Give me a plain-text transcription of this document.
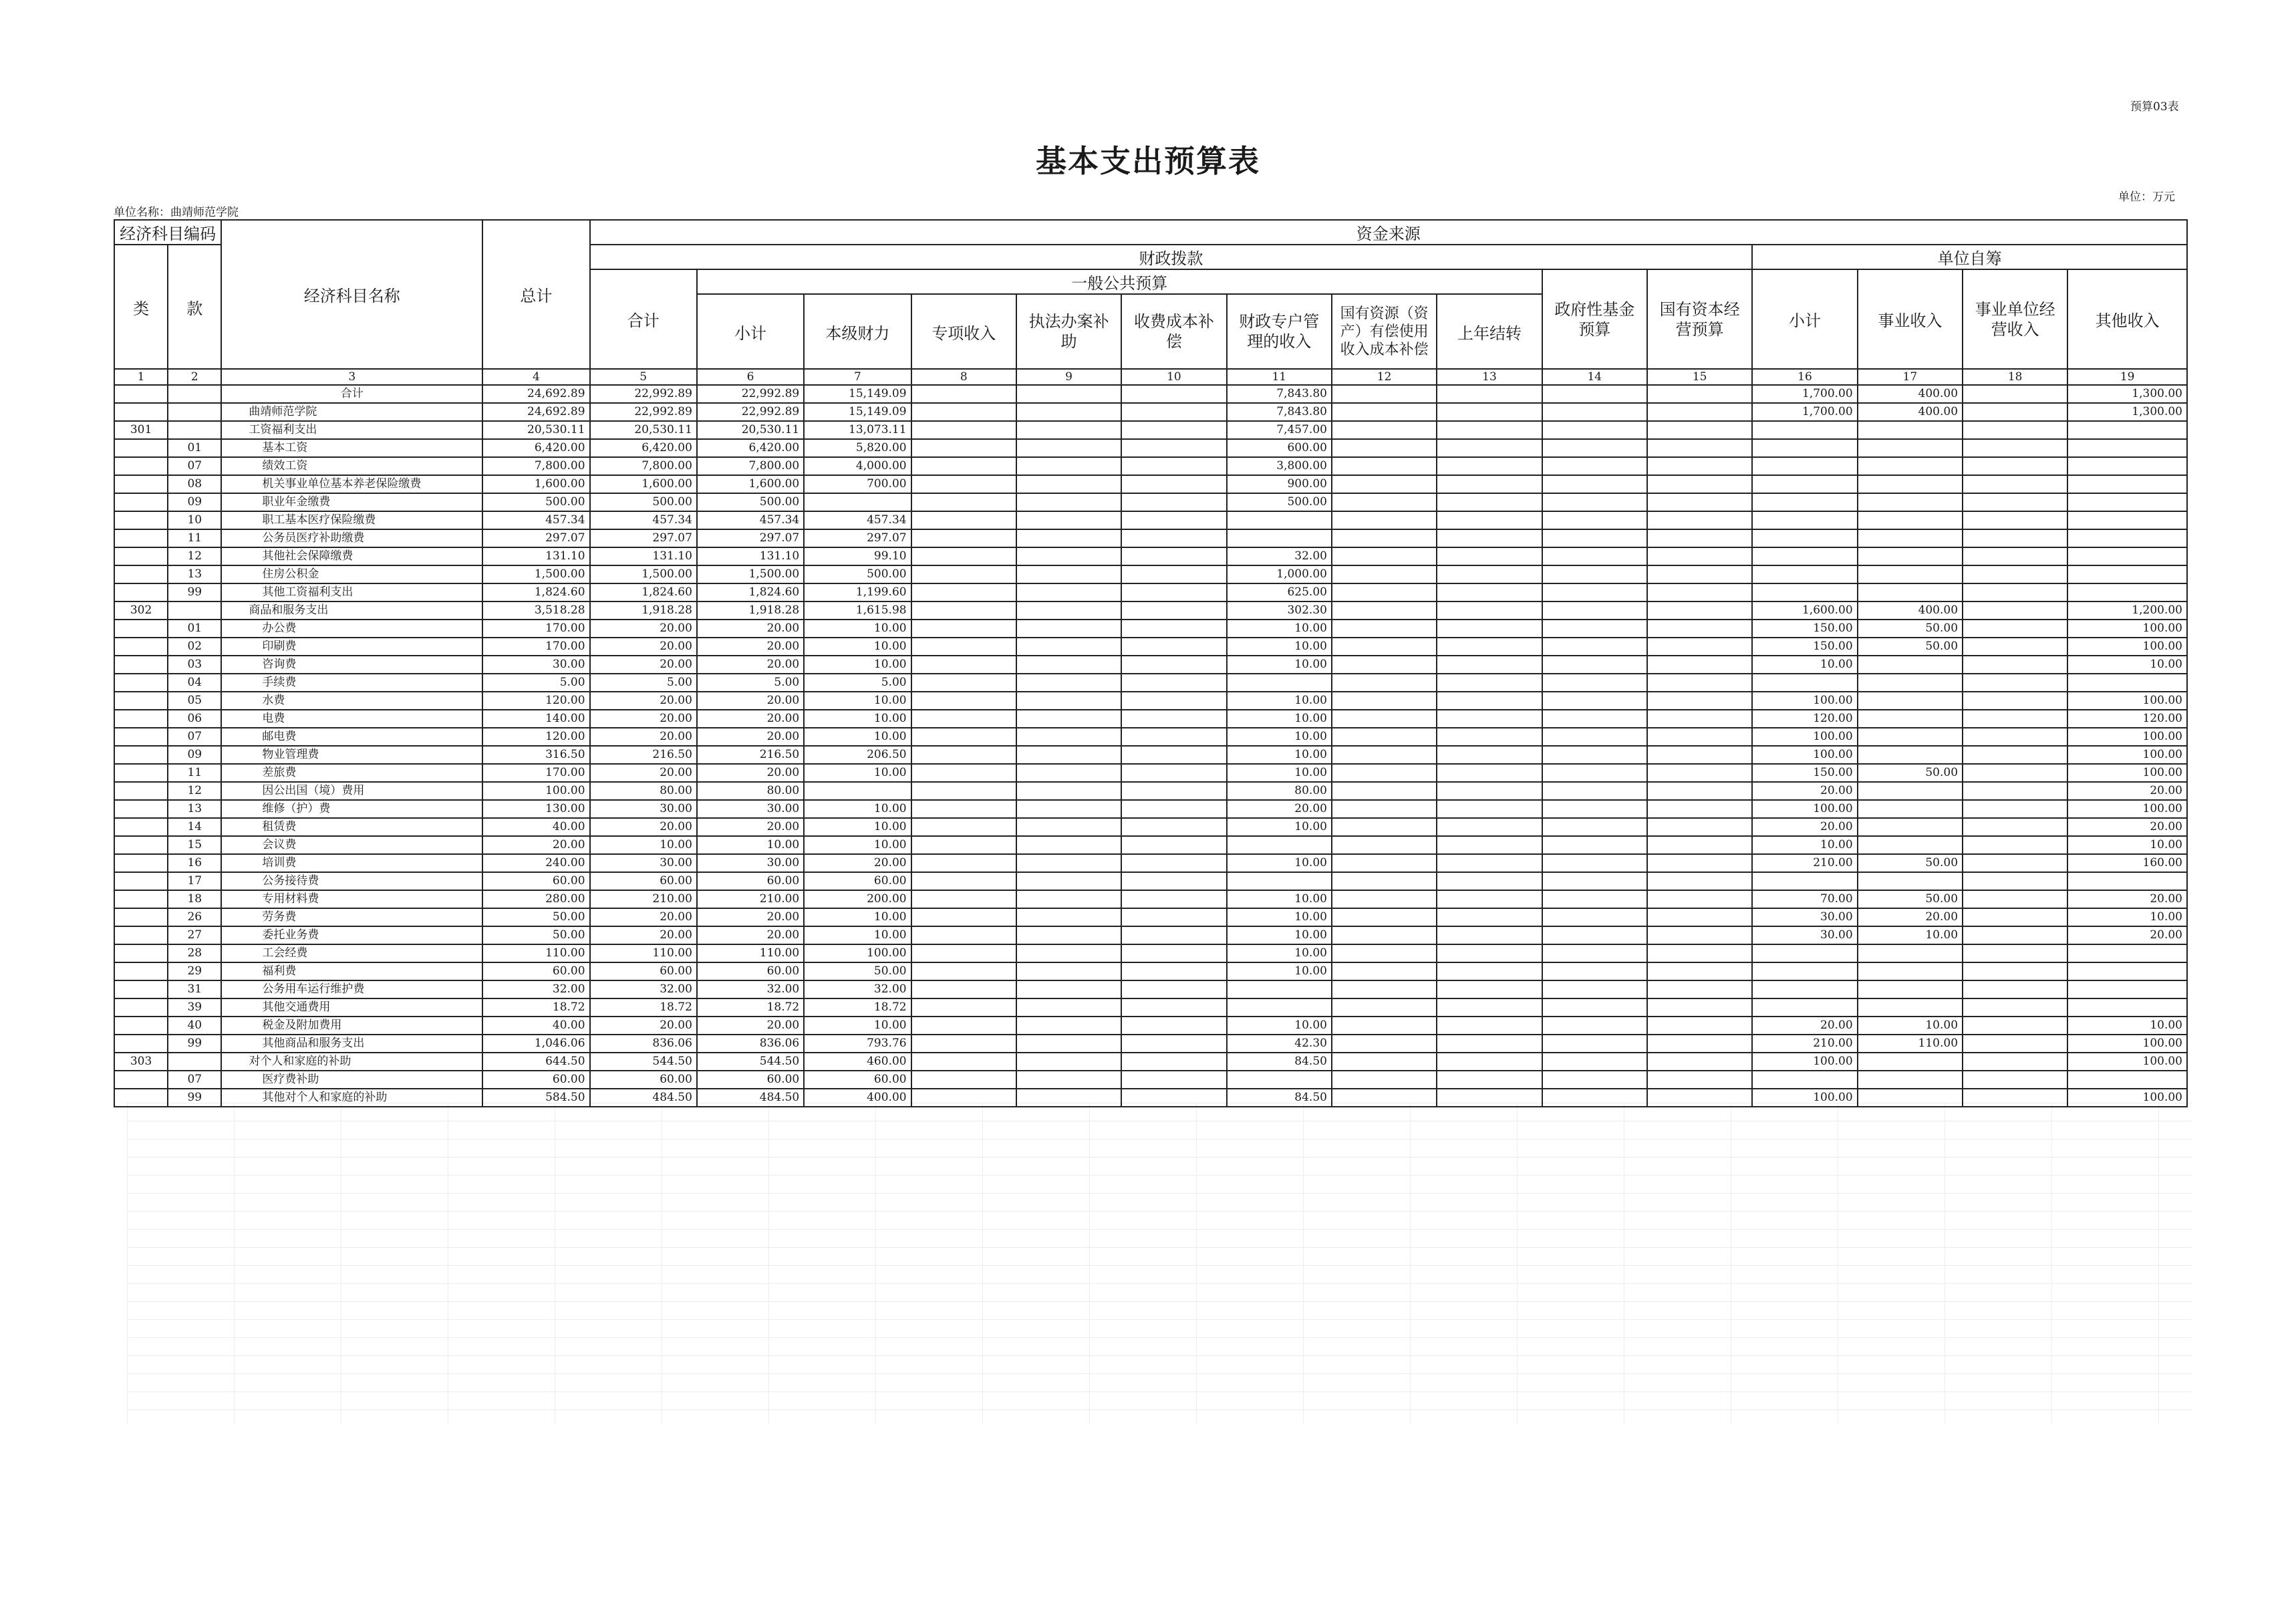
预算03表
基本支出预算表
单位：万元
单位名称：曲靖师范学院
经济科目编码		经济科目名称	总计	资金来源														
类	款			财政拨款											单位自筹			
				合计	一般公共预算								政府性基金预算	国有资本经营预算	小计	事业收入	事业单位经营收入	其他收入
					小计	本级财力	专项收入	执法办案补助	收费成本补偿	财政专户管理的收入	国有资源（资产）有偿使用收入成本补偿	上年结转						
1	2	3	4	5	6	7	8	9	10	11	12	13	14	15	16	17	18	19
		合计	24,692.89	22,992.89	22,992.89	15,149.09				7,843.80					1,700.00	400.00		1,300.00
		曲靖师范学院	24,692.89	22,992.89	22,992.89	15,149.09				7,843.80					1,700.00	400.00		1,300.00
301		工资福利支出	20,530.11	20,530.11	20,530.11	13,073.11				7,457.00								
	01	基本工资	6,420.00	6,420.00	6,420.00	5,820.00				600.00								
	07	绩效工资	7,800.00	7,800.00	7,800.00	4,000.00				3,800.00								
	08	机关事业单位基本养老保险缴费	1,600.00	1,600.00	1,600.00	700.00				900.00								
	09	职业年金缴费	500.00	500.00	500.00					500.00								
	10	职工基本医疗保险缴费	457.34	457.34	457.34	457.34												
	11	公务员医疗补助缴费	297.07	297.07	297.07	297.07												
	12	其他社会保障缴费	131.10	131.10	131.10	99.10				32.00								
	13	住房公积金	1,500.00	1,500.00	1,500.00	500.00				1,000.00								
	99	其他工资福利支出	1,824.60	1,824.60	1,824.60	1,199.60				625.00								
302		商品和服务支出	3,518.28	1,918.28	1,918.28	1,615.98				302.30					1,600.00	400.00		1,200.00
	01	办公费	170.00	20.00	20.00	10.00				10.00					150.00	50.00		100.00
	02	印刷费	170.00	20.00	20.00	10.00				10.00					150.00	50.00		100.00
	03	咨询费	30.00	20.00	20.00	10.00				10.00					10.00			10.00
	04	手续费	5.00	5.00	5.00	5.00												
	05	水费	120.00	20.00	20.00	10.00				10.00					100.00			100.00
	06	电费	140.00	20.00	20.00	10.00				10.00					120.00			120.00
	07	邮电费	120.00	20.00	20.00	10.00				10.00					100.00			100.00
	09	物业管理费	316.50	216.50	216.50	206.50				10.00					100.00			100.00
	11	差旅费	170.00	20.00	20.00	10.00				10.00					150.00	50.00		100.00
	12	因公出国（境）费用	100.00	80.00	80.00					80.00					20.00			20.00
	13	维修（护）费	130.00	30.00	30.00	10.00				20.00					100.00			100.00
	14	租赁费	40.00	20.00	20.00	10.00				10.00					20.00			20.00
	15	会议费	20.00	10.00	10.00	10.00									10.00			10.00
	16	培训费	240.00	30.00	30.00	20.00				10.00					210.00	50.00		160.00
	17	公务接待费	60.00	60.00	60.00	60.00												
	18	专用材料费	280.00	210.00	210.00	200.00				10.00					70.00	50.00		20.00
	26	劳务费	50.00	20.00	20.00	10.00				10.00					30.00	20.00		10.00
	27	委托业务费	50.00	20.00	20.00	10.00				10.00					30.00	10.00		20.00
	28	工会经费	110.00	110.00	110.00	100.00				10.00								
	29	福利费	60.00	60.00	60.00	50.00				10.00								
	31	公务用车运行维护费	32.00	32.00	32.00	32.00												
	39	其他交通费用	18.72	18.72	18.72	18.72												
	40	税金及附加费用	40.00	20.00	20.00	10.00				10.00					20.00	10.00		10.00
	99	其他商品和服务支出	1,046.06	836.06	836.06	793.76				42.30					210.00	110.00		100.00
303		对个人和家庭的补助	644.50	544.50	544.50	460.00				84.50					100.00			100.00
	07	医疗费补助	60.00	60.00	60.00	60.00												
	99	其他对个人和家庭的补助	584.50	484.50	484.50	400.00				84.50					100.00			100.00
